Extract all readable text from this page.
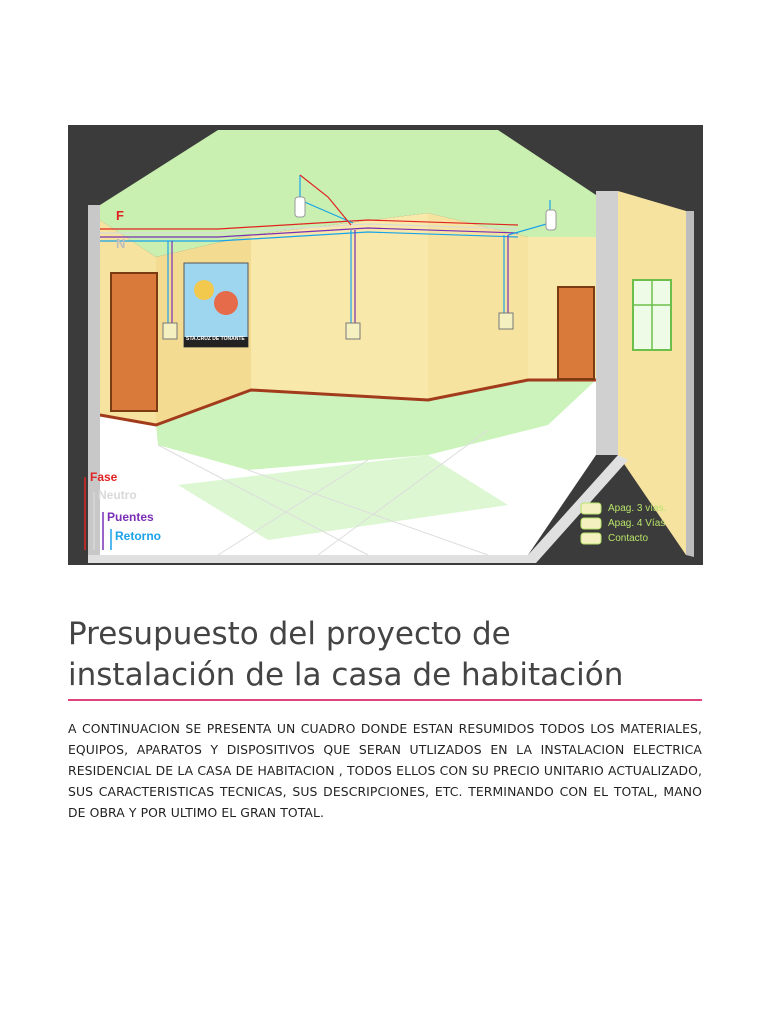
F
N
Fase
Neutro
Puentes
Retorno
Apag. 3 vías.
Apag. 4 Vías
Contacto
STA.CRUZ DE TONANTE
Presupuesto del proyecto de
instalación de la casa de habitación

A CONTINUACION SE PRESENTA UN CUADRO DONDE ESTAN RESUMIDOS TODOS LOS MATERIALES, EQUIPOS, APARATOS Y DISPOSITIVOS QUE SERAN UTLIZADOS EN LA INSTALACION ELECTRICA RESIDENCIAL DE LA CASA DE HABITACION , TODOS ELLOS CON SU PRECIO UNITARIO ACTUALIZADO, SUS CARACTERISTICAS TECNICAS, SUS DESCRIPCIONES, ETC. TERMINANDO CON EL TOTAL, MANO DE OBRA Y POR ULTIMO EL GRAN TOTAL.
